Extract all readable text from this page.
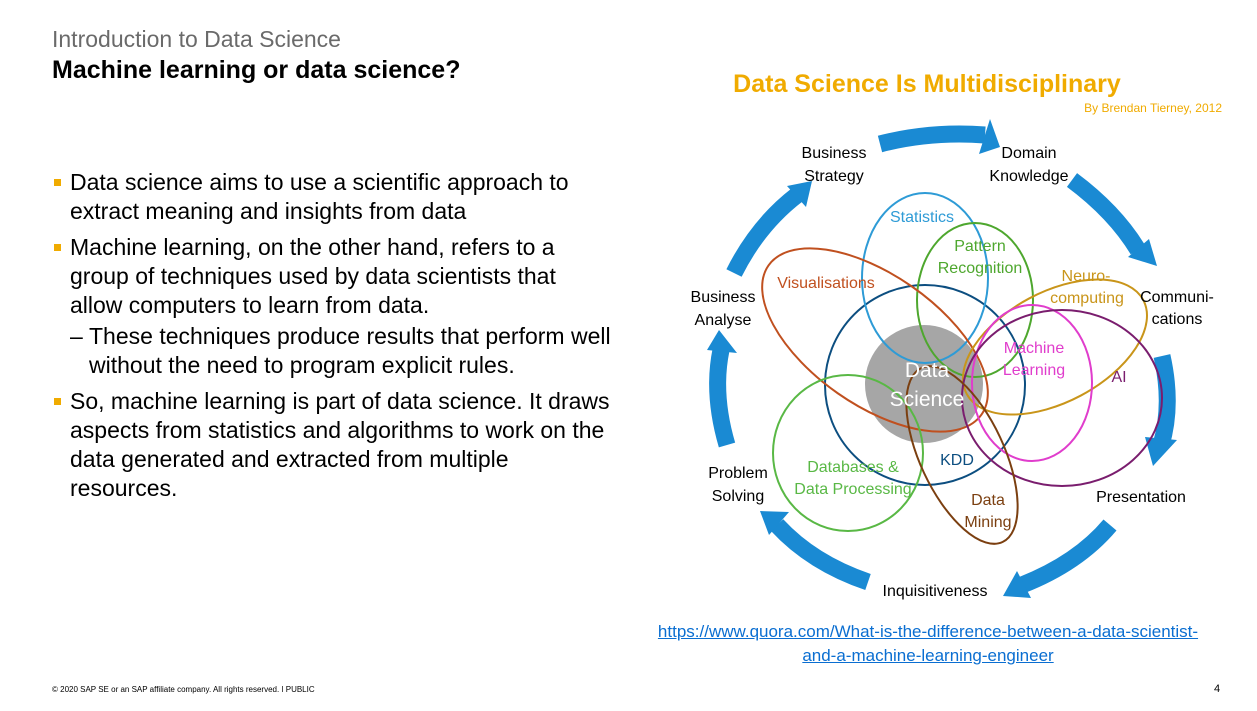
Introduction to Data Science
Machine learning or data science?
Data science aims to use a scientific approach to extract meaning and insights from data
Machine learning, on the other hand, refers to a group of techniques used by data scientists that allow computers to learn from data.
– These techniques produce results that perform well without the need to program explicit rules.
So, machine learning is part of data science. It draws aspects from statistics and algorithms to work on the data generated and extracted from multiple resources.
Data Science Is Multidisciplinary
By Brendan Tierney, 2012
Data
Science
Statistics
Pattern
Recognition Neuro-
computing
Machine
Learning	AI
Visualisations
Databases &
Data Processing
KDD
Data
Mining
Business
Strategy
Domain
Knowledge
Communi-
cations
Presentation
Inquisitiveness
Problem
Solving
Business
Analyse
https://www.quora.com/What-is-the-difference-between-a-data-scientist-
and-a-machine-learning-engineer
© 2020 SAP SE or an SAP affiliate company. All rights reserved. ǀ PUBLIC	4
